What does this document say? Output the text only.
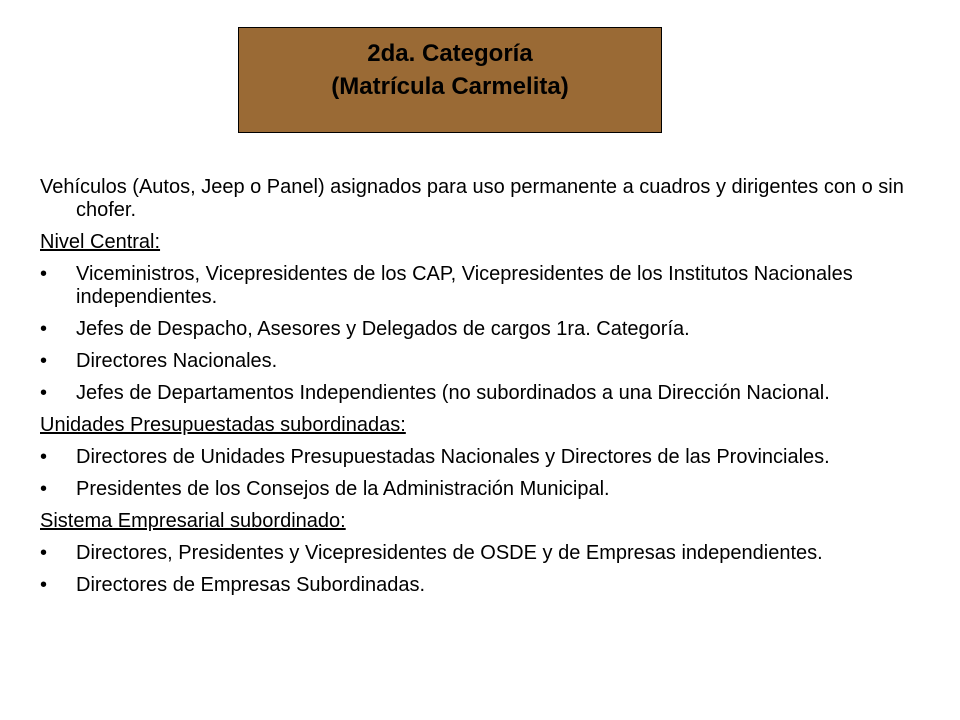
2da. Categoría
(Matrícula Carmelita)

Vehículos (Autos, Jeep o Panel) asignados para uso permanente a cuadros y dirigentes con o sin chofer.

Nivel Central:

• Viceministros, Vicepresidentes de los CAP, Vicepresidentes de los Institutos Nacionales independientes.
• Jefes de Despacho, Asesores y Delegados de cargos 1ra. Categoría.
• Directores Nacionales.
• Jefes de Departamentos Independientes (no subordinados a una Dirección Nacional.

Unidades Presupuestadas subordinadas:

• Directores de Unidades Presupuestadas Nacionales y Directores de las Provinciales.
• Presidentes de los Consejos de la Administración Municipal.

Sistema Empresarial subordinado:

• Directores, Presidentes y Vicepresidentes de OSDE y de Empresas independientes.
• Directores de Empresas Subordinadas.
